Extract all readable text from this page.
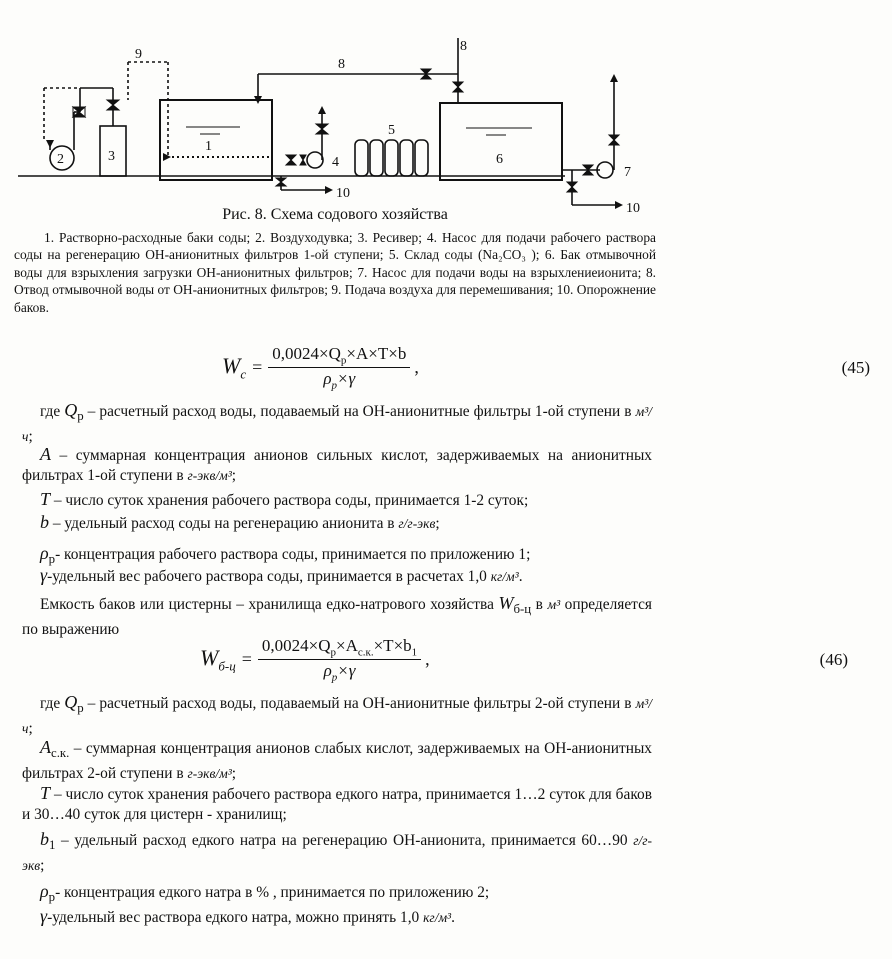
1
2	3	4
5
6
7
8
8
9
10
10
Рис. 8. Схема содового хозяйства
1. Растворно-расходные баки соды; 2. Воздуходувка; 3. Ресивер; 4. Насос для подачи рабочего раствора соды на регенерацию ОН-анионитных фильтров 1-ой ступени; 5. Склад соды (Na₂CO₃ ); 6. Бак отмывочной воды для взрыхления загрузки ОН-анионитных фильтров; 7. Насос для подачи воды на взрыхлениеионита; 8. Отвод отмывочной воды от ОН-анионитных фильтров; 9. Подача воздуха для перемешивания; 10. Опорожнение баков.
$W_c = \frac{0,0024\times Q_p\times A\times T\times b}{\rho_p\times\gamma}$ ,	(45)
где $Q_p$ – расчетный расход воды, подаваемый на ОН-анионитные фильтры 1-ой ступени в м³/ч;
A – суммарная концентрация анионов сильных кислот, задерживаемых на анионитных фильтрах 1-ой ступени в г-экв/м³;
T – число суток хранения рабочего раствора соды, принимается 1-2 суток;
b – удельный расход соды на регенерацию анионита в г/г-экв;
$\rho_p-$ концентрация рабочего раствора соды, принимается по приложению 1;
γ-удельный вес рабочего раствора соды, принимается в расчетах 1,0 кг/м³.
Емкость баков или цистерны – хранилища едко-натрового хозяйства $W_{б-ц}$ в м³ определяется по выражению
$W_{б-ц} = \frac{0,0024\times Q_p\times A_{с.к.}\times T\times b_1}{\rho_p\times\gamma}$ ,	(46)
где $Q_p$ – расчетный расход воды, подаваемый на ОН-анионитные фильтры 2-ой ступени в м³/ч;
$A_{с.к.}$ – суммарная концентрация анионов слабых кислот, задерживаемых на ОН-анионитных фильтрах 2-ой ступени в г-экв/м³;
T – число суток хранения рабочего раствора едкого натра, принимается 1…2 суток для баков и 30…40 суток для цистерн - хранилищ;
$b_1$ – удельный расход едкого натра на регенерацию ОН-анионита, принимается 60…90 г/г-экв;
$\rho_p-$ концентрация едкого натра в % , принимается по приложению 2;
γ-удельный вес раствора едкого натра, можно принять 1,0 кг/м³.
